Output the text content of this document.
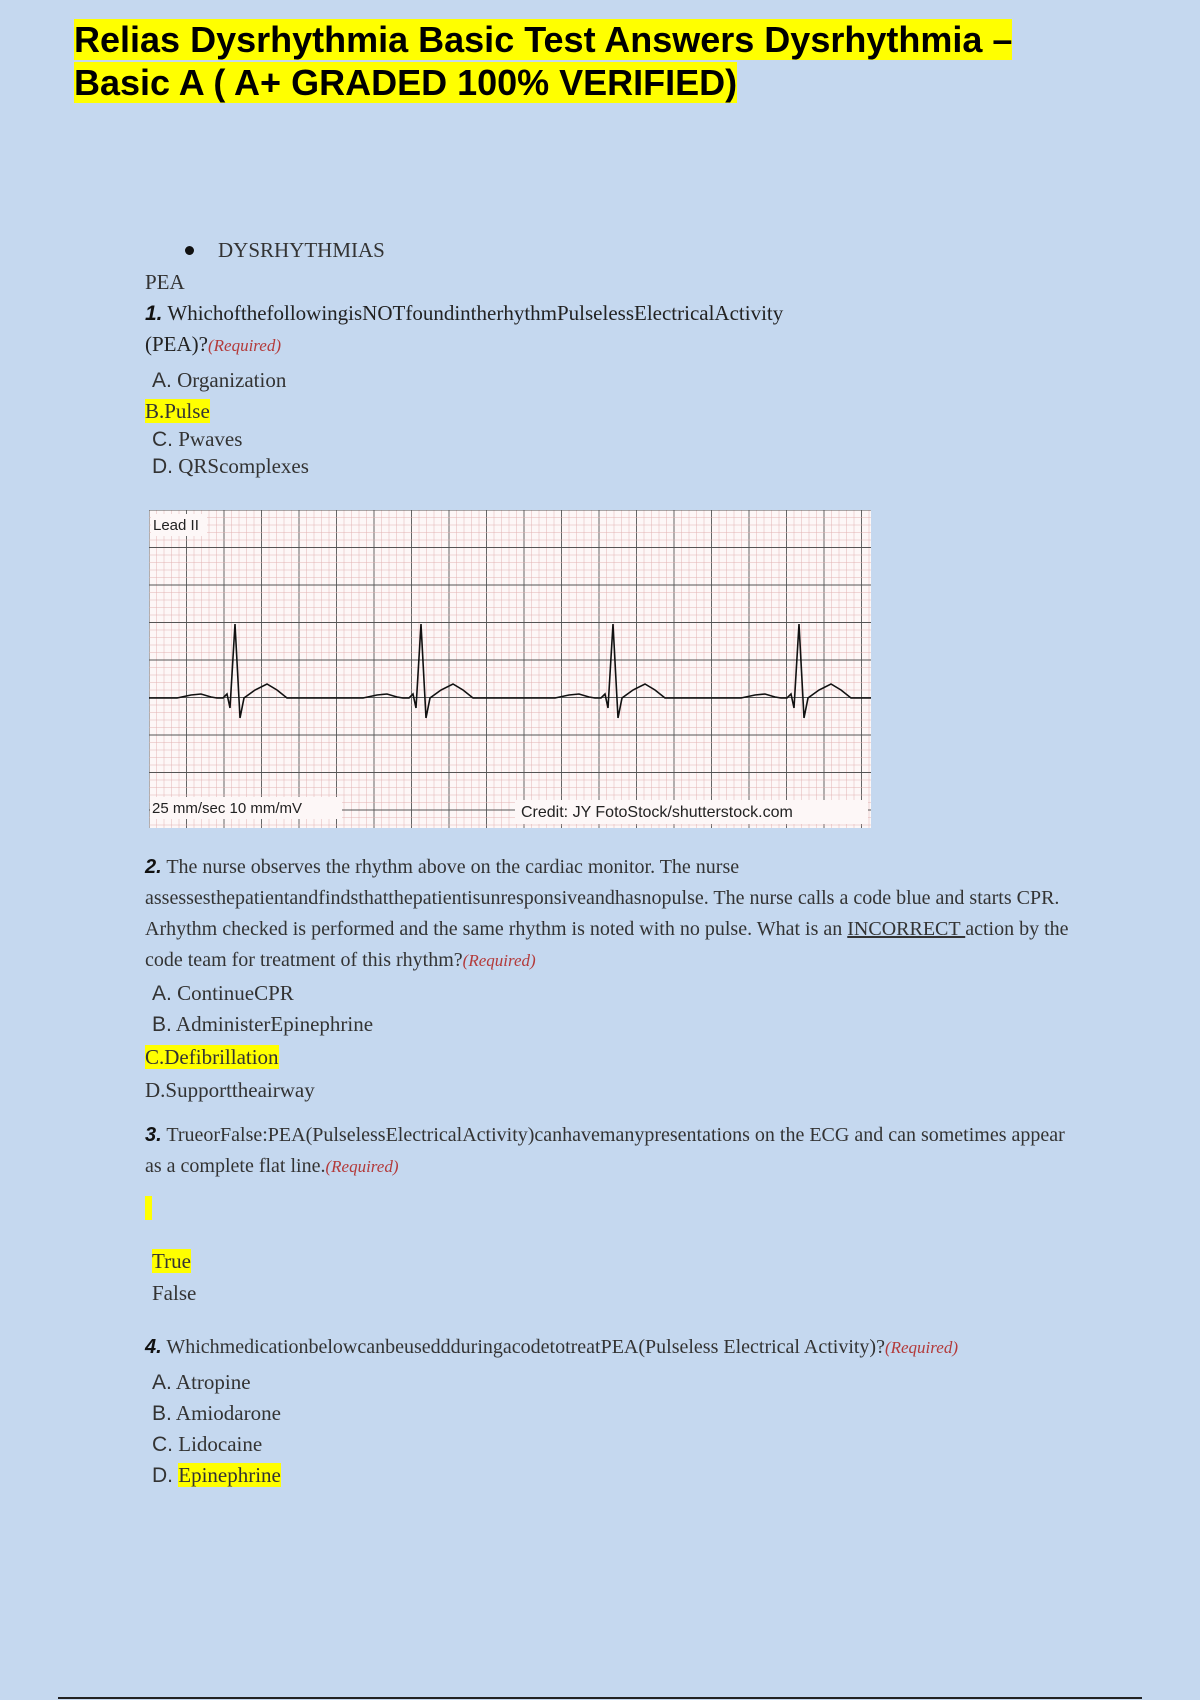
Relias Dysrhythmia Basic Test Answers Dysrhythmia –
Basic A ( A+ GRADED 100% VERIFIED)
DYSRHYTHMIAS
PEA
1. WhichofthefollowingisNOTfoundintherhythmPulselessElectricalActivity
(PEA)?(Required)
A. Organization
B.Pulse
C. Pwaves
D. QRScomplexes
Lead II
25 mm/sec 10 mm/mV	Credit: JY FotoStock/shutterstock.com
2. The nurse observes the rhythm above on the cardiac monitor. The nurse assessesthepatientandfindsthatthepatientisunresponsiveandhasnopulse. The nurse calls a code blue and starts CPR. Arhythm checked is performed and the same rhythm is noted with no pulse. What is an INCORRECT action by the code team for treatment of this rhythm?(Required)
A. ContinueCPR
B. AdministerEpinephrine
C.Defibrillation
D.Supporttheairway
3. TrueorFalse:PEA(PulselessElectricalActivity)canhavemanypresentations on the ECG and can sometimes appear as a complete flat line.(Required)
True
False
4. WhichmedicationbelowcanbeuseddduringacodetotreatPEA(Pulseless Electrical Activity)?(Required)
A. Atropine
B. Amiodarone
C. Lidocaine
D. Epinephrine
